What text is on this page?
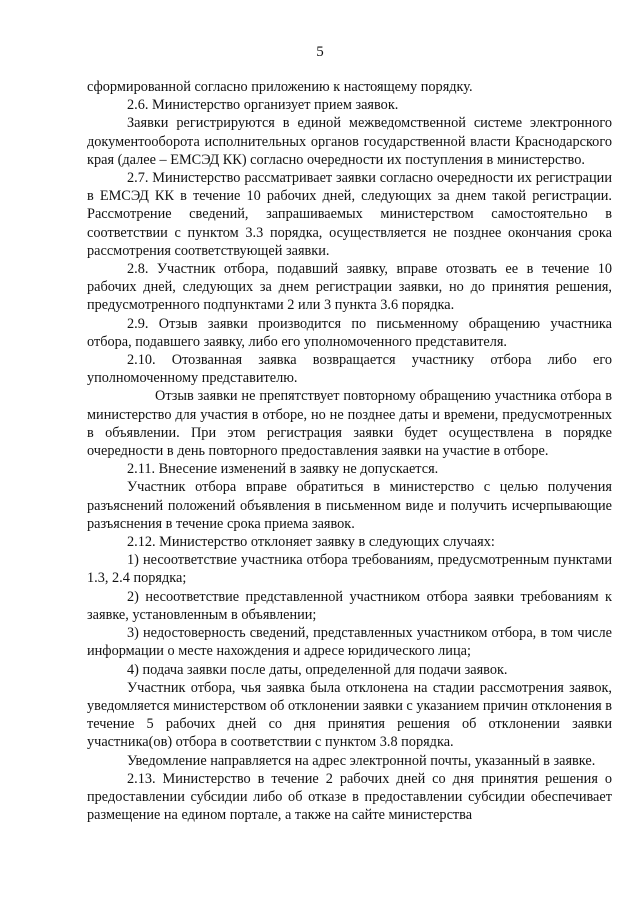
5

сформированной согласно приложению к настоящему порядку.

2.6. Министерство организует прием заявок.

Заявки регистрируются в единой межведомственной системе электронного документооборота исполнительных органов государственной власти Краснодарского края (далее – ЕМСЭД КК) согласно очередности их поступления в министерство.

2.7. Министерство рассматривает заявки согласно очередности их регистрации в ЕМСЭД КК в течение 10 рабочих дней, следующих за днем такой регистрации. Рассмотрение сведений, запрашиваемых министерством самостоятельно в соответствии с пунктом 3.3 порядка, осуществляется не позднее окончания срока рассмотрения соответствующей заявки.

2.8. Участник отбора, подавший заявку, вправе отозвать ее в течение 10 рабочих дней, следующих за днем регистрации заявки, но до принятия решения, предусмотренного подпунктами 2 или 3 пункта 3.6 порядка.

2.9. Отзыв заявки производится по письменному обращению участника отбора, подавшего заявку, либо его уполномоченного представителя.

2.10. Отозванная заявка возвращается участнику отбора либо его уполномоченному представителю.

Отзыв заявки не препятствует повторному обращению участника отбора в министерство для участия в отборе, но не позднее даты и времени, предусмотренных в объявлении. При этом регистрация заявки будет осуществлена в порядке очередности в день повторного предоставления заявки на участие в отборе.

2.11. Внесение изменений в заявку не допускается.

Участник отбора вправе обратиться в министерство с целью получения разъяснений положений объявления в письменном виде и получить исчерпывающие разъяснения в течение срока приема заявок.

2.12. Министерство отклоняет заявку в следующих случаях:

1) несоответствие участника отбора требованиям, предусмотренным пунктами 1.3, 2.4 порядка;

2) несоответствие представленной участником отбора заявки требованиям к заявке, установленным в объявлении;

3) недостоверность сведений, представленных участником отбора, в том числе информации о месте нахождения и адресе юридического лица;

4) подача заявки после даты, определенной для подачи заявок.

Участник отбора, чья заявка была отклонена на стадии рассмотрения заявок, уведомляется министерством об отклонении заявки с указанием причин отклонения в течение 5 рабочих дней со дня принятия решения об отклонении заявки участника(ов) отбора в соответствии с пунктом 3.8 порядка.

Уведомление направляется на адрес электронной почты, указанный в заявке.

2.13. Министерство в течение 2 рабочих дней со дня принятия решения о предоставлении субсидии либо об отказе в предоставлении субсидии обеспечивает размещение на едином портале, а также на сайте министерства
